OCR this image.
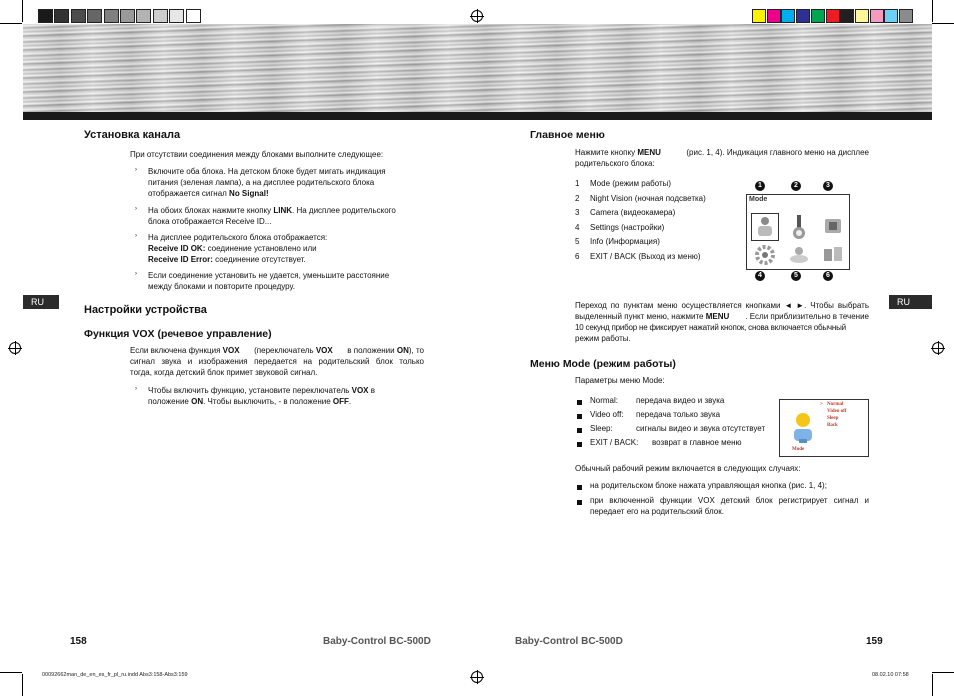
Установка канала
При отсутствии соединения между блоками выполните следующее:
› Включите оба блока. На детском блоке будет мигать индикация
питания (зеленая лампа), а на дисплее родительского блока
отображается сигнал No Signal!
› На обоих блоках нажмите кнопку LINK. На дисплее родительского
блока отображается Receive ID...
› На дисплее родительского блока отображается:
Receive ID OK: соединение установлено или
Receive ID Error: соединение отсутствует.
› Если соединение установить не удается, уменьшите расстояние
между блоками и повторите процедуру.
RU
Настройки устройства
Функция VOX (речевое управление)
Если включена функция VOX (переключатель VOX в положении ON), то
сигнал звука и изображения передается на родительский блок только
тогда, когда детский блок примет звуковой сигнал.
› Чтобы включить функцию, установите переключатель VOX в
положение ON. Чтобы выключить, - в положение OFF.
158	Baby-Control BC-500D
Главное меню
Нажмите кнопку MENU	(рис. 1, 4). Индикация главного меню на дисплее
родительского блока:
1 Mode (режим работы)
2 Night Vision (ночная подсветка)
3 Camera (видеокамера)
4 Settings (настройки)
5 Info (Информация)
6 EXIT / BACK (Выход из меню)
1	2	3
Mode
4	5	6
RU
Переход по пунктам меню осуществляется кнопками ◄ ►. Чтобы выбрать
выделенный пункт меню, нажмите MENU . Если приблизительно в течение
10 секунд прибор не фиксирует нажатий кнопок, снова включается обычный
режим работы.
Меню Mode (режим работы)
Параметры меню Mode:
Normal: передача видео и звука
Video off: передача только звука
Sleep:	сигналы видео и звука отсутствует
EXIT / BACK: возврат в главное меню
Mode
> Normal
Video off
Sleep
Back
Обычный рабочий режим включается в следующих случаях:
на родительском блоке нажата управляющая кнопка (рис. 1, 4);
при включенной функции VOX детский блок регистрирует сигнал и
передает его на родительский блок.
Baby-Control BC-500D	159
00092662man_de_en_es_fr_pl_ru.indd Abs3:158-Abs3:159	08.02.10 07:58
